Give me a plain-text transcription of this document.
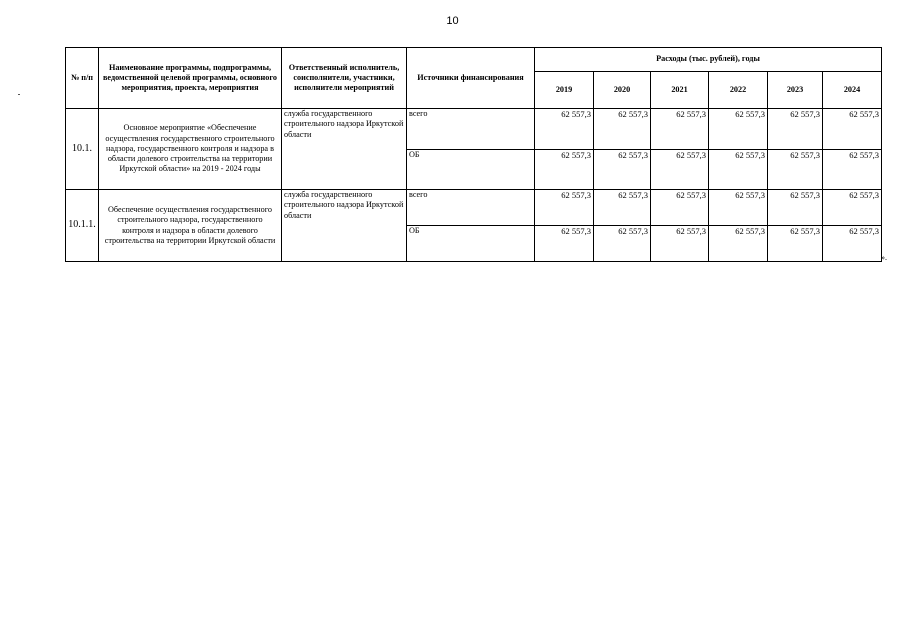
10
№ п/п	Наименование программы, подпрограммы, ведомственной целевой программы, основного мероприятия, проекта, мероприятия	Ответственный исполнитель, соисполнители, участники, исполнители мероприятий	Источники финансирования	Расходы (тыс. рублей), годы					
				2019	2020	2021	2022	2023	2024
10.1.	Основное мероприятие «Обеспечение осуществления государственного строительного надзора, государственного контроля и надзора в области долевого строительства на территории Иркутской области» на 2019 - 2024 годы	служба государственного строительного надзора Иркутской области	всего	62 557,3	62 557,3	62 557,3	62 557,3	62 557,3	62 557,3
			ОБ	62 557,3	62 557,3	62 557,3	62 557,3	62 557,3	62 557,3
10.1.1.	Обеспечение осуществления государственного строительного надзора, государственного контроля и надзора в области долевого строительства на территории Иркутской области	служба государственного строительного надзора Иркутской области	всего	62 557,3	62 557,3	62 557,3	62 557,3	62 557,3	62 557,3
			ОБ	62 557,3	62 557,3	62 557,3	62 557,3	62 557,3	62 557,3
».
